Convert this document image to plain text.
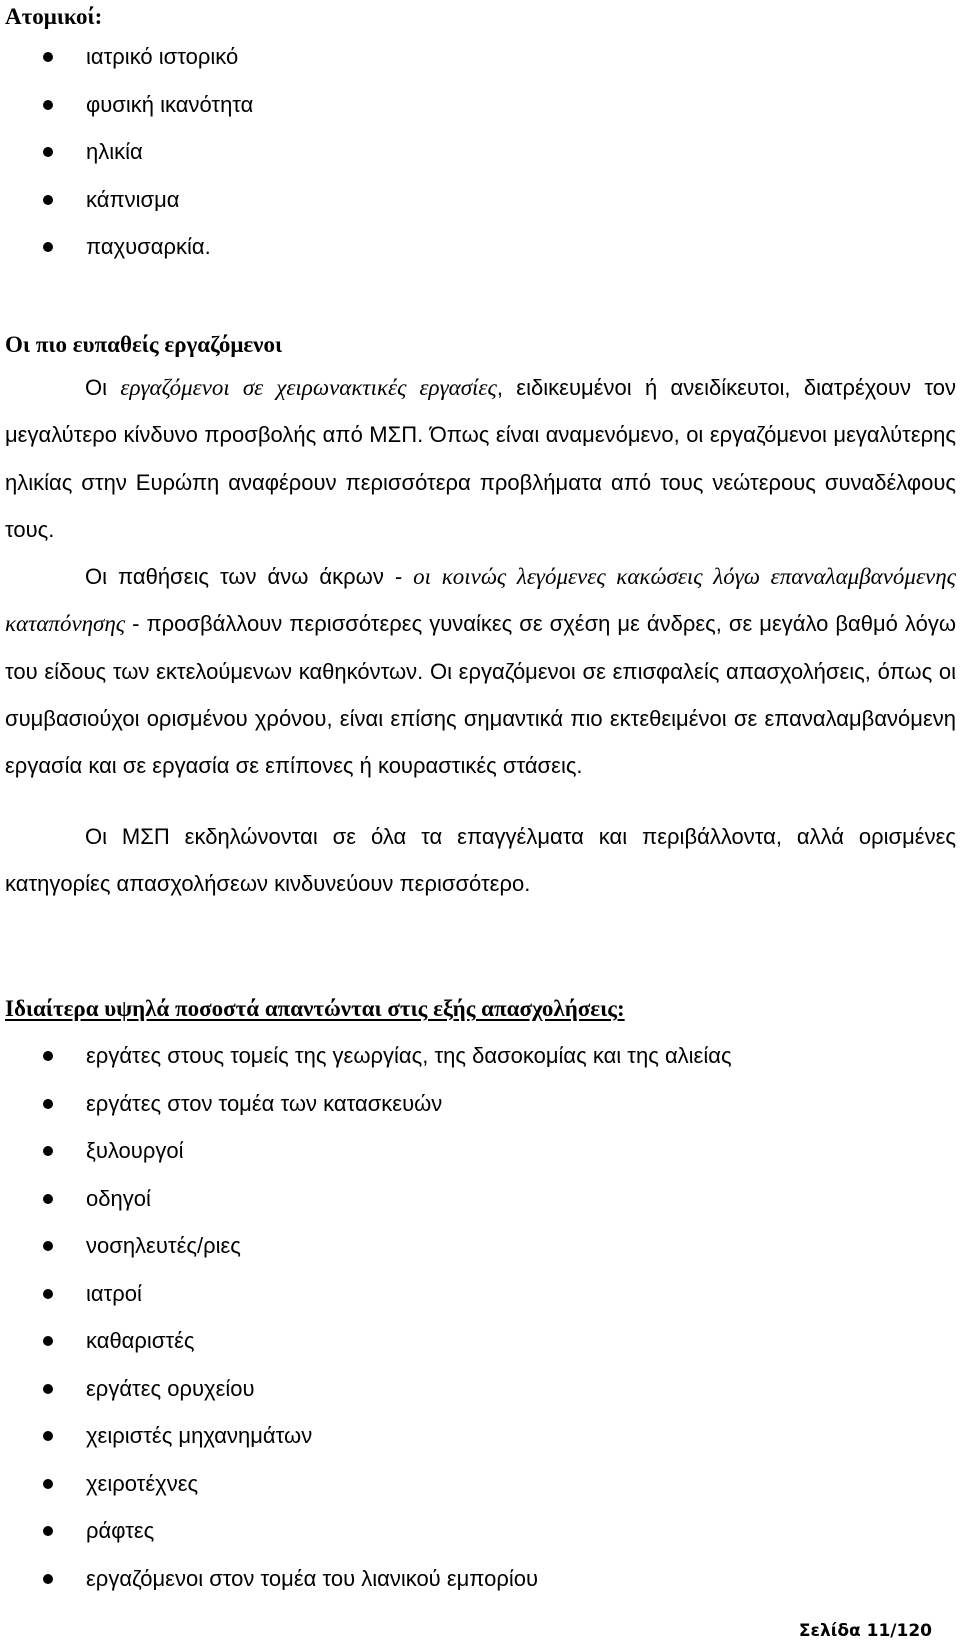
Ατομικοί:
ιατρικό ιστορικό
φυσική ικανότητα
ηλικία
κάπνισμα
παχυσαρκία.
Οι πιο ευπαθείς εργαζόμενοι

Οι εργαζόμενοι σε χειρωνακτικές εργασίες, ειδικευμένοι ή ανειδίκευτοι, διατρέχουν τον μεγαλύτερο κίνδυνο προσβολής από ΜΣΠ. Όπως είναι αναμενόμενο, οι εργαζόμενοι μεγαλύτερης ηλικίας στην Ευρώπη αναφέρουν περισσότερα προβλήματα από τους νεώτερους συναδέλφους τους.

Οι παθήσεις των άνω άκρων - οι κοινώς λεγόμενες κακώσεις λόγω επαναλαμβανόμενης καταπόνησης - προσβάλλουν περισσότερες γυναίκες σε σχέση με άνδρες, σε μεγάλο βαθμό λόγω του είδους των εκτελούμενων καθηκόντων. Οι εργαζόμενοι σε επισφαλείς απασχολήσεις, όπως οι συμβασιούχοι ορισμένου χρόνου, είναι επίσης σημαντικά πιο εκτεθειμένοι σε επαναλαμβανόμενη εργασία και σε εργασία σε επίπονες ή κουραστικές στάσεις.

Οι ΜΣΠ εκδηλώνονται σε όλα τα επαγγέλματα και περιβάλλοντα, αλλά ορισμένες κατηγορίες απασχολήσεων κινδυνεύουν περισσότερο.

Ιδιαίτερα υψηλά ποσοστά απαντώνται στις εξής απασχολήσεις:
εργάτες στους τομείς της γεωργίας, της δασοκομίας και της αλιείας
εργάτες στον τομέα των κατασκευών
ξυλουργοί
οδηγοί
νοσηλευτές/ριες
ιατροί
καθαριστές
εργάτες ορυχείου
χειριστές μηχανημάτων
χειροτέχνες
ράφτες
εργαζόμενοι στον τομέα του λιανικού εμπορίου
Σελίδα 11/120
